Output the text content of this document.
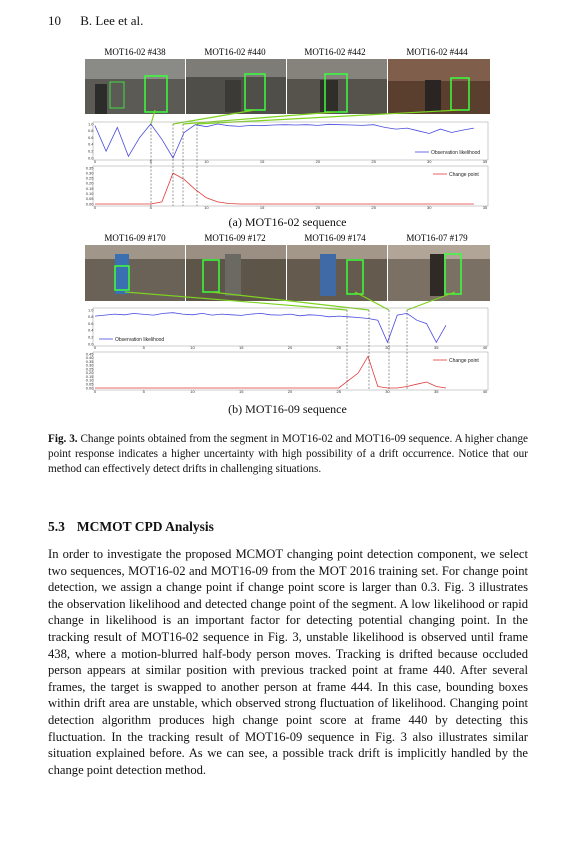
10 B. Lee et al.
MOT16-02 #438	MOT16-02 #440	MOT16-02 #442	MOT16-02 #444
1.0
0.8
0.6
0.4
0.2
0.0
Observation likelihood
0	5	10	15	20	25	30	35
0.35
0.30
0.25
0.20
0.15
0.10
0.05
0.00
Change point
0	5	10	15	20	25	30	35
(a) MOT16-02 sequence
MOT16-09 #170	MOT16-09 #172	MOT16-09 #174	MOT16-07 #179
1.0
0.8
0.6
0.4
0.2
0.0
Observation likelihood
0	5	10	15	20	25	30	35	40
0.45
0.40
0.35
0.30
0.25
0.20
0.15
0.10
0.05
0.00
Change point
0	5	10	15	20	25	30	35	40
(b) MOT16-09 sequence
Fig. 3. Change points obtained from the segment in MOT16-02 and MOT16-09 sequence. A higher change point response indicates a higher uncertainty with high possibility of a drift occurrence. Notice that our method can effectively detect drifts in challenging situations.
5.3 MCMOT CPD Analysis
In order to investigate the proposed MCMOT changing point detection component, we select two sequences, MOT16-02 and MOT16-09 from the MOT 2016 training set. For change point detection, we assign a change point if change point score is larger than 0.3. Fig. 3 illustrates the observation likelihood and detected change point of the segment. A low likelihood or rapid change in likelihood is an important factor for detecting potential changing point. In the tracking result of MOT16-02 sequence in Fig. 3, unstable likelihood is observed until frame 438, where a motion-blurred half-body person moves. Tracking is drifted because occluded person appears at similar position with previous tracked point at frame 440. After several frames, the target is swapped to another person at frame 444. In this case, bounding boxes within drift area are unstable, which observed strong fluctuation of likelihood. Changing point detection algorithm produces high change point score at frame 440 by detecting this fluctuation. In the tracking result of MOT16-09 sequence in Fig. 3 also illustrates similar situation explained before. As we can see, a possible track drift is implicitly handled by the change point detection method.
